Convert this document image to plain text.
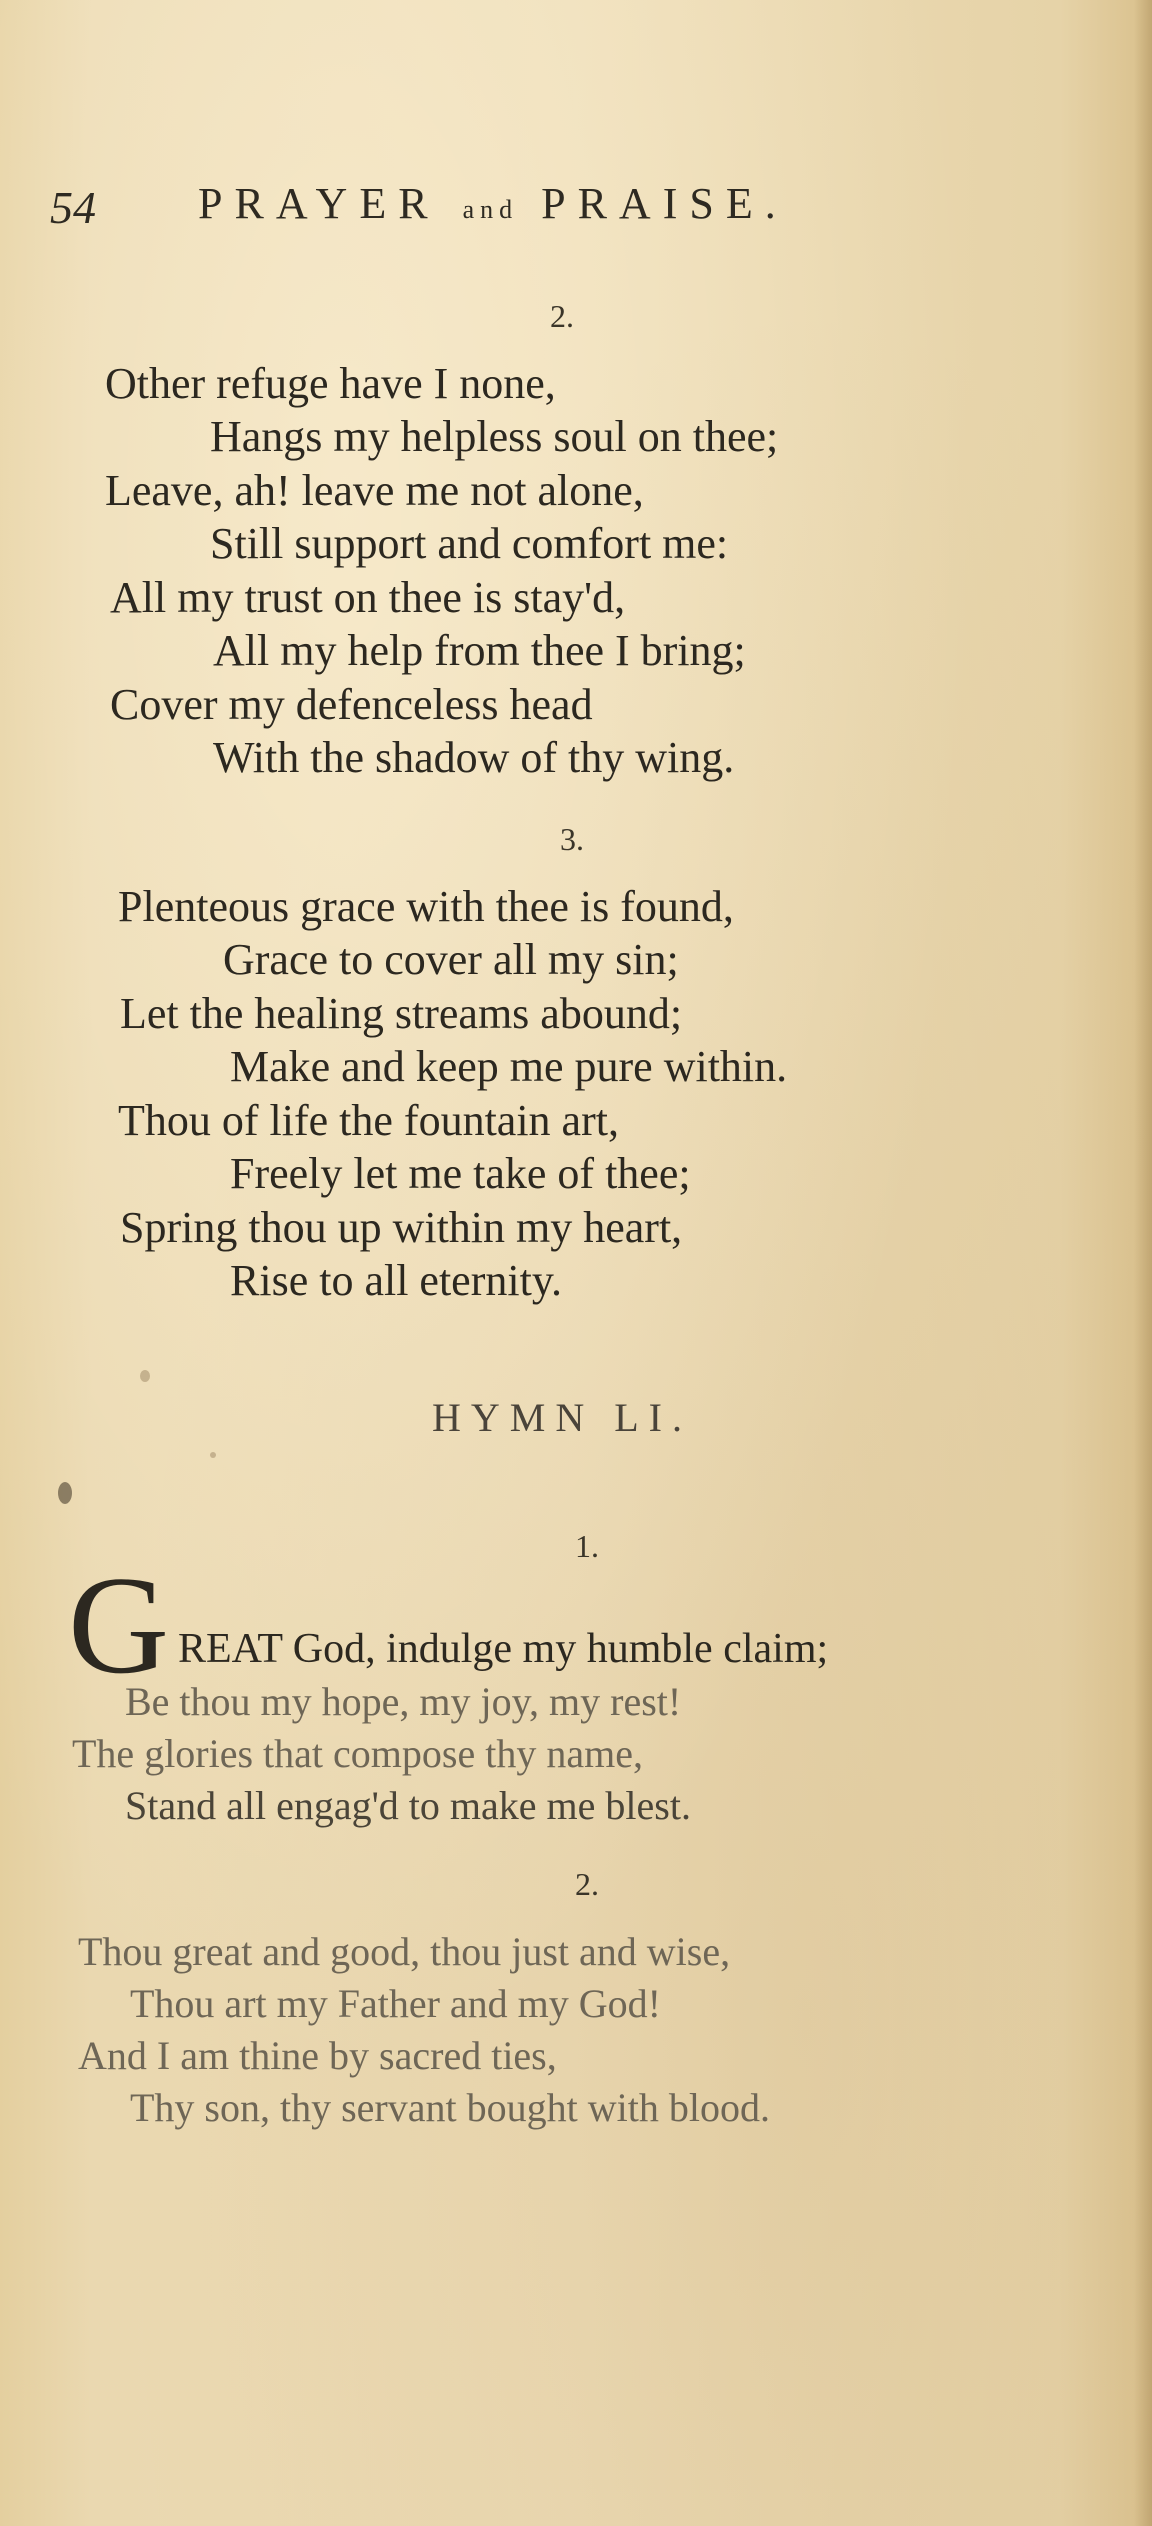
54 PRAYER and PRAISE.
2.
Other refuge have I none,
Hangs my helpless soul on thee;
Leave, ah! leave me not alone,
Still support and comfort me:
All my trust on thee is stay'd,
All my help from thee I bring;
Cover my defenceless head
With the shadow of thy wing.
3.
Plenteous grace with thee is found,
Grace to cover all my sin;
Let the healing streams abound;
Make and keep me pure within.
Thou of life the fountain art,
Freely let me take of thee;
Spring thou up within my heart,
Rise to all eternity.
HYMN LI.
1.
G REAT God, indulge my humble claim;
Be thou my hope, my joy, my rest!
The glories that compose thy name,
Stand all engag'd to make me blest.
2.
Thou great and good, thou just and wise,
Thou art my Father and my God!
And I am thine by sacred ties,
Thy son, thy servant bought with blood.
